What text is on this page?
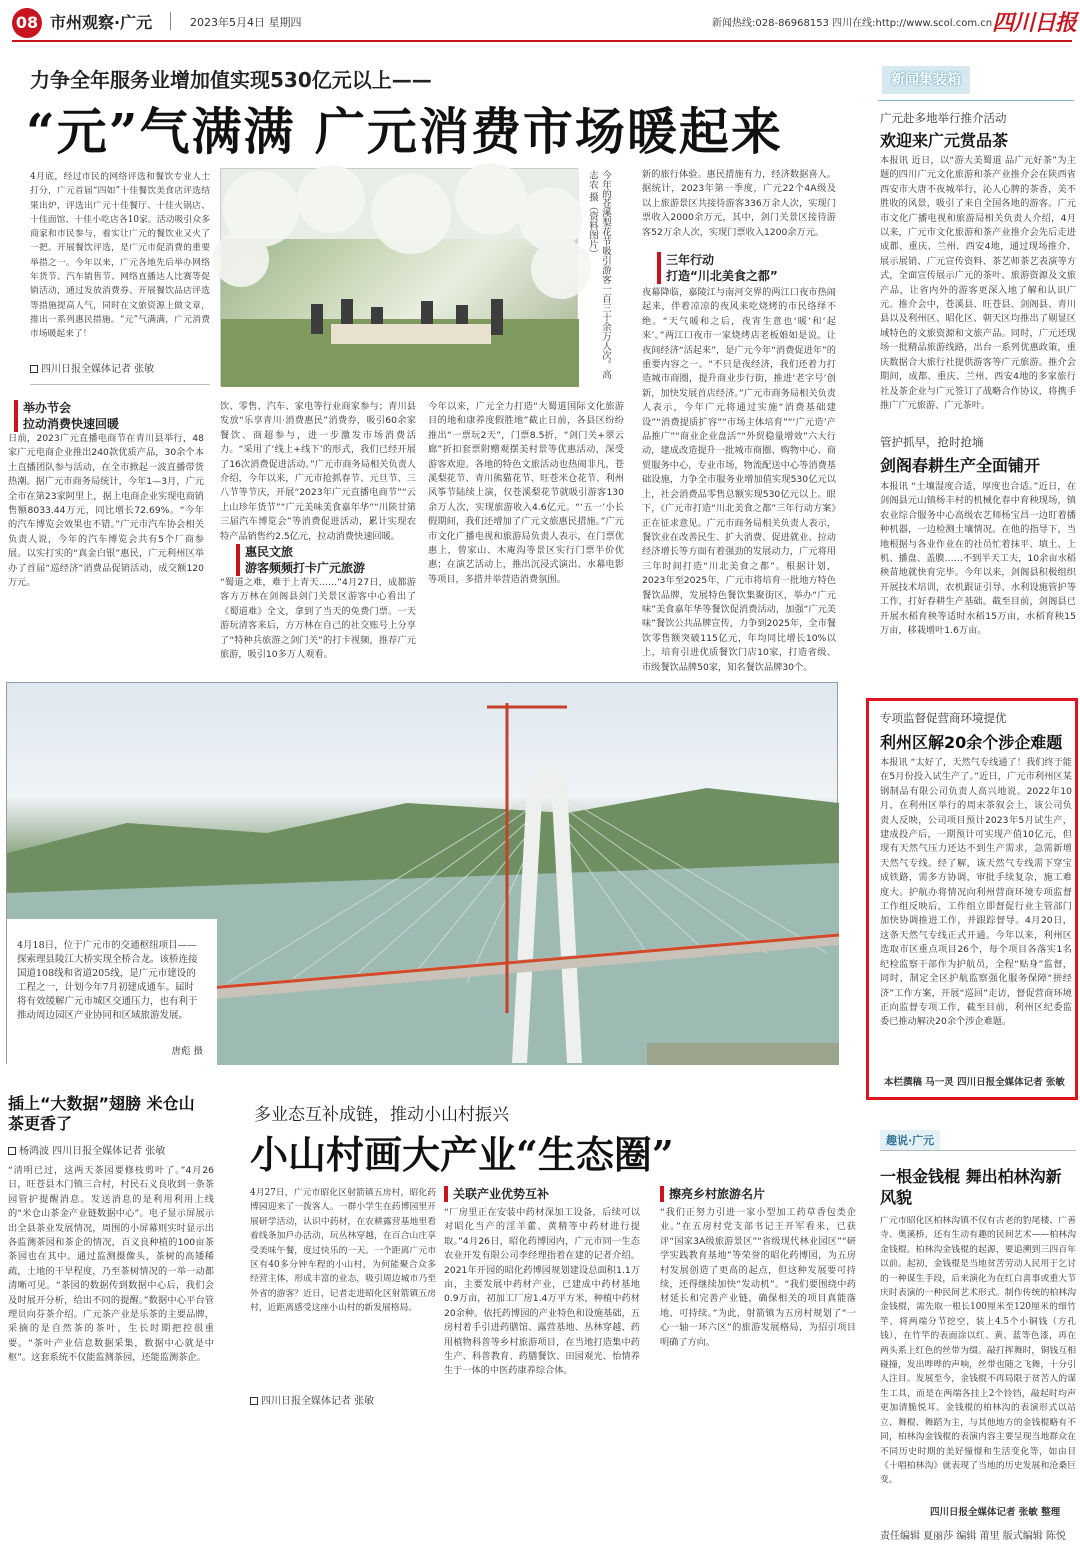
08 市州观察·广元	2023年5月4日 星期四	新闻热线:028-86968153 四川在线:http://www.scol.com.cn 四川日报
力争全年服务业增加值实现530亿元以上——
“元”气满满 广元消费市场暖起来
4月底，经过市民的网络评选和餐饮专业人士打分，广元首届“四如”十佳餐饮美食店评选结果出炉，评选出广元十佳餐厅、十佳火锅店、十佳面馆、十佳小吃店各10家。活动吸引众多商家和市民参与，着实让广元的餐饮业又火了一把。开展餐饮评选，是广元市促消费的重要举措之一。今年以来，广元各地先后举办网络年货节、汽车销售节、网络直播达人比赛等促销活动，通过发放消费券、开展餐饮品店评选等措施提高人气，同时在文旅资源上做文章，推出一系列惠民措施。“元”气满满，广元消费市场暖起来了！
四川日报全媒体记者 张敏	今年的苍溪梨花节吸引游客一百三十余万人次。高志农 摄（资料图片）	新的旅行体验。惠民措施有力，经济数据喜人。据统计，2023年第一季度，广元22个4A级及以上旅游景区共接待游客336万余人次，实现门票收入2000余万元，其中，剑门关景区接待游客52万余人次，实现门票收入1200余万元。
三年行动
打造“川北美食之都”
夜幕降临，嘉陵江与南河交界的两江口夜市热闹起来，伴着凉凉的夜风来吃烧烤的市民络绎不绝。“天气暖和之后，夜宵生意也‘暖’和‘起来’。”两江口夜市一家烧烤店老板娘如是说。让夜间经济“活起来”，是广元今年“消费促进年”的重要内容之一。“不只是夜经济，我们还着力打造城市商圈，提升商业步行街，推进‘老字号’创新，加快发展首店经济。”广元市商务局相关负责人表示，今年广元将通过实施“消费基础建设”“消费提质扩容”“市场主体培育”“‘广元造’产品推广”“商业企业盘活”“外贸稳量增效”六大行动，建成改造提升一批城市商圈、购物中心、商贸服务中心，专业市场，物流配送中心等消费基础设施，力争全市服务业增加值实现530亿元以上，社会消费品零售总额实现530亿元以上。眼下，《广元市打造“川北美食之都”三年行动方案》正在征求意见。广元市商务局相关负责人表示，餐饮业在改善民生、扩大消费、促进就业、拉动经济增长等方面有着强劲的发展动力，广元将用三年时间打造“川北美食之都”。根据计划，2023年至2025年，广元市将培育一批地方特色餐饮品牌，发展特色餐饮集聚街区，举办“广元味”美食嘉年华等餐饮促消费活动，加强“广元美味”餐饮公共品牌宣传，力争到2025年，全市餐饮零售额突破115亿元，年均同比增长10%以上，培育引进优质餐饮门店10家，打造省级、市级餐饮品牌50家，知名餐饮品牌30个。
举办节会
拉动消费快速回暖
日前，2023广元直播电商节在青川县举行，48家广元电商企业推出240款优质产品，30余个本土直播团队参与活动，在全市掀起一波直播带货热潮。据广元市商务局统计，今年1—3月，广元全市在第23家阿里上，据上电商企业实现电商销售额8033.44万元，同比增长72.69%。“今年的汽车博览会效果也不错。”广元市汽车协会相关负责人说，今年的汽车博览会共有5个厂商参展。以实打实的“真金白银”惠民，广元利州区举办了首届“巡经济”消费品促销活动，成交额120万元。
饮、零售、汽车、家电等行业商家参与；青川县发放“乐享青川·消费惠民”消费券，吸引60余家餐饮、商超参与，进一步激发市场消费活力。“采用了‘线上+线下’的形式，我们已经开展了16次消费促进活动。”广元市商务局相关负责人介绍，今年以来，广元市抢抓春节、元旦节、三八节等节庆，开展“2023年广元直播电商节”“云上山珍年货节”“广元美味美食嘉年华”“川陕甘第三届汽车博览会”等消费促进活动，累计实现农特产品销售约2.5亿元，拉动消费快速回暖。
惠民文旅
游客频频打卡广元旅游
“蜀道之难，难于上青天……”4月27日，成都游客方万林在剑阁县剑门关景区游客中心看出了《蜀道难》全文，拿到了当天的免费门票。一天游玩清客来后，方万林在自己的社交账号上分享了“特种兵旅游之剑门关”的打卡视频，推荐广元旅游，吸引10多万人观看。
今年以来，广元全力打造“大蜀道国际文化旅游目的地和康养度假胜地”截止日前，各县区纷纷推出“一票玩2天”，门票8.5折，“剑门关+翠云廊”折扣套票附赠观摆美村景等优惠活动，深受游客欢迎。各地的特色文旅活动也热闹非凡，苍溪梨花节、青川熊猫花节、旺苍米仓花节、利州风筝节陆续上演，仅苍溪梨花节就吸引游客130余万人次，实现旅游收入4.6亿元。“‘五一’小长假期间，我们还增加了广元文旅惠民措施。”广元市文化广播电视和旅游局负责人表示，在门票优惠上，曾家山、木庵沟等景区实行门票半价优惠；在演艺活动上，推出沉浸式演出、水幕电影等项目，多措并举营造消费氛围。
新闻集装箱
广元赴多地举行推介活动
欢迎来广元赏品茶
本报讯 近日，以“游大美蜀道 品广元好茶”为主题的四川广元文化旅游和茶产业推介会在陕西省西安市大唐不夜城举行，沁人心脾的茶香，美不胜收的风景，吸引了来自全国各地的游客。广元市文化广播电视和旅游局相关负责人介绍，4月以来，广元市文化旅游和茶产业推介会先后走进成都、重庆、兰州、西安4地，通过现场推介、展示展销、广元宣传资料、茶艺师茶艺表演等方式，全面宣传展示广元的茶叶、旅游资源及文旅产品，让省内外的游客更深入地了解和认识广元。推介会中，苍溪县、旺苍县、剑阁县、青川县以及利州区、昭化区、朝天区均推出了剔显区域特色的文旅资源和文旅产品。同时，广元还现场一批精品旅游线路，出台一系列优惠政策，重庆数据合大旅行社提供游客等广元旅游。推介会期间，成都、重庆、兰州、西安4地的多家旅行社及茶企业与广元签订了战略合作协议，将携手推广广元旅游、广元茶叶。
管护抓早，抢时抢墒
剑阁春耕生产全面铺开
本报讯 “土壤湿度合适，厚度也合适。”近日，在剑阁县元山镇杨丰村的机械化春中育秧现场，镇农业综合服务中心高级农艺师杨宝昌一边盯着播种机器，一边检测土壤情况。在他的指导下，当地根据与各业作业在的社员忙着抹平、填土、上机、播盘、盖膜……不到半天工夫，10余亩水稻秧苗地就快育完毕。今年以来，剑阁县积极组织开展技术培训，农机跟证引导、水利设施管护等工作，打好春耕生产基础。截至目前，剑阁县已开展水稻育秧等适时水稻15万亩，水稻育秧15万亩，移栽增叶1.6万亩。
专项监督促营商环境提优
利州区解20余个涉企难题
本报讯 “太好了，天然气专线通了！我们终于能在5月份投入试生产了。”近日，广元市利州区某钢制品有限公司负责人高兴地说。2022年10月，在利州区举行的周末茶叙会上，该公司负责人反映，公司项目预计2023年5月试生产，建成投产后，一期预计可实现产值10亿元，但现有天然气压力还达不到生产需求，急需新增天然气专线。经了解，该天然气专线需下穿宝成铁路，需多方协调，审批手续复杂，施工难度大。护航办将情况向利州营商环境专项监督工作组反映后，工作组立即督促行业主管部门加快协调推进工作，并跟踪督导。4月20日，这条天然气专线正式开通。今年以来，利州区选取市区重点项目26个，每个项目各落实1名纪检监察干部作为护航员，全程“贴身”监督，同时，制定全区护航监察强化服务保障“拼经济”工作方案，开展“巡回”走访，督促营商环境正向监督专项工作，截至目前，利州区纪委监委已推动解决20余个涉企难题。
本栏撰稿 马一灵 四川日报全媒体记者 张敏
趣说·广元
一根金钱棍 舞出柏林沟新风貌
广元市昭化区柏林沟镇不仅有古老的豹尾楼、广善寺、奥溪桥，还有生动有趣的民间艺术——柏林沟金钱棍。柏林沟金钱棍的起源，要追溯到三四百年以前。起初，金钱棍是当地贫苦劳动人民用于乞讨的一种谋生手段，后来演化为在红白喜事或重大节庆时表演的一种民间艺术形式。制作传统的柏林沟金钱棍，需先取一根长100厘米至120厘米的细竹竿，将两端分节挖空，装上4.5个小铜钱（方孔钱），在竹竿的表面涂以红、黄、蓝等色漆，再在两头系上红色的丝带为缀。敲打挥舞时，铜钱互相碰撞，发出哗哗的声响，丝带也随之飞舞，十分引人注目。发展至今，金钱棍不再局限于贫苦人的谋生工具，而是在两端各挂上2个铃铛，敲起时均声更加清脆悦耳。金钱棍的柏林沟的表演形式以站立、舞棍、舞蹈为主，与其他地方的金钱棍略有不同，柏林沟金钱棍的表演内容主要呈现当地群众在不同历史时期的美好憧憬和生活变化等，如由目《十唱柏林沟》就表现了当地的历史发展和沧桑巨变。
四川日报全媒体记者 张敏 整理
4月18日，位于广元市的交通枢纽项目——探索理县陵江大桥实现全桥合龙。该桥连接国道108线和省道205线，是广元市建设的工程之一，计划今年7月初建成通车。届时将有效缓解广元市城区交通压力，也有利于推动周边园区产业协同和区域旅游发展。
唐彪 摄
插上“大数据”翅膀 米仓山茶更香了
杨鸿波 四川日报全媒体记者 张敏
“清明已过，这两天茶园要修枝剪叶了。”4月26日，旺苍县木门镇三合村，村民石义良收到一条茶园管护提醒消息。发送消息的是利用利用上线的“米仓山茶金产业链数据中心”。电子显示屏展示出全县茶业发展情况，周围的小屏幕则实时显示出各监测茶园和茶企的情况，百义良种植的100亩茶茶园也在其中。通过监测摄像头，茶树的高矮稀疏，土地的干旱程度，乃至茶树情况的一举一动都清晰可见。“茶园的数据传到数据中心后，我们会及时展开分析，给出不同的提醒。”数据中心平台管理员向芬茶介绍。广元茶产业是乐茶的主要品牌，采摘的是自然茶的茶叶，生长时期把控很重要。“茶叶产业信息数据采集，数据中心就是中枢”。这套系统不仅能监测茶园，还能监测茶企。
多业态互补成链，推动小山村振兴
小山村画大产业“生态圈”
4月27日，广元市昭化区射箭镇五房村，昭化药博园迎来了一拨客人。一群小学生在药博园里开展研学活动，认识中药材，在农耕露营基地里看着线条加戶办活动，玩丛林穿越，在百合山庄享受美味午餐，度过快乐的一天。一个距离广元市区有40多分钟车程的小山村，为何能聚合众多经营主体，形成丰富的业态，吸引周边城市乃至外省的游客？近日，记者走进昭化区射箭镇五房村，近距离感受这座小山村的新发展格局。
四川日报全媒体记者 张敏
关联产业优势互补
“厂房里正在安装中药材深加工设备，后续可以对昭化当产的淫羊藿、黄精等中药材进行提取。”4月26日，昭化药博园内，广元市同一生态农业开发有限公司李经理指着在建的记者介绍。2021年开园的昭化药博园规划建设总面积1.1万亩，主要发展中药材产业，已建成中药材基地0.9万亩，初加工厂房1.4万平方米，种植中药材20余种。依托药博园的产业特色和设施基础，五房村着手引进药膳馆、露营基地、丛林穿越、药用植物科普等乡村旅游项目，在当地打造集中药生产、科普教育、药膳餐饮、田园观光、怡情养生于一体的中医药康养综合体。
擦亮乡村旅游名片
“我们正努力引进一家小型加工药草香包类企业。”在五房村党支部书记王开军看来，已获评“国家3A级旅游景区”“省级现代林业园区”“研学实践教育基地”等荣誉的昭化药博园，为五房村发展创造了更高的起点，但这种发展要可持续，还得继续加快“发动机”。“我们要围绕中药材延长和完善产业链，确保相关的项目真能落地、可持续。”为此，射箭镇为五房村规划了“一心一轴一环六区”的旅游发展格局，为招引项目明确了方向。
责任编辑 夏丽莎 编辑 莆里 版式编辑 陈悦
